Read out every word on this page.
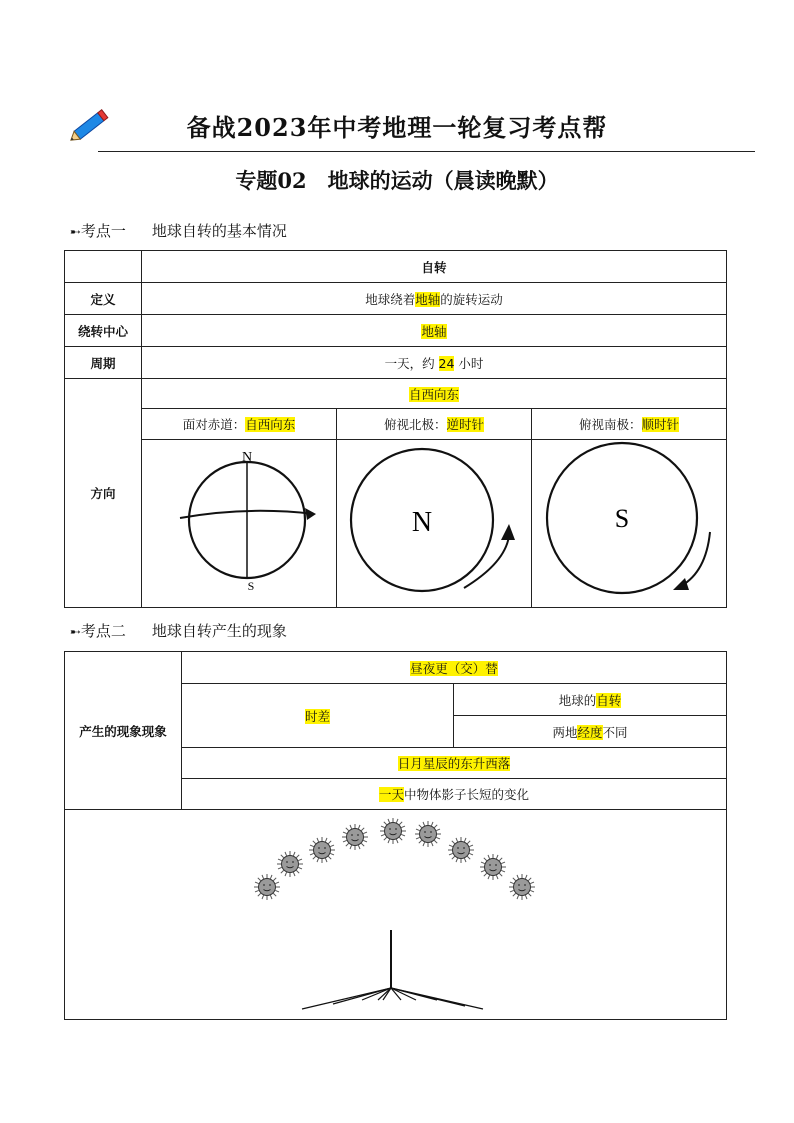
备战2023年中考地理一轮复习考点帮
专题02　地球的运动（晨读晚默）
➸考点一 地球自转的基本情况
	自转		
定义	地球绕着地轴的旋转运动		
绕转中心	地轴		
周期	一天，约 24 小时		
方向	自西向东		
	面对赤道：自西向东	俯视北极：逆时针	俯视南极：顺时针

N
S	N	S
➸考点二 地球自转产生的现象
产生的现象现象	昼夜更（交）替	
	时差	地球的自转
		两地经度不同
	日月星辰的东升西落	
	一天中物体影子长短的变化	
